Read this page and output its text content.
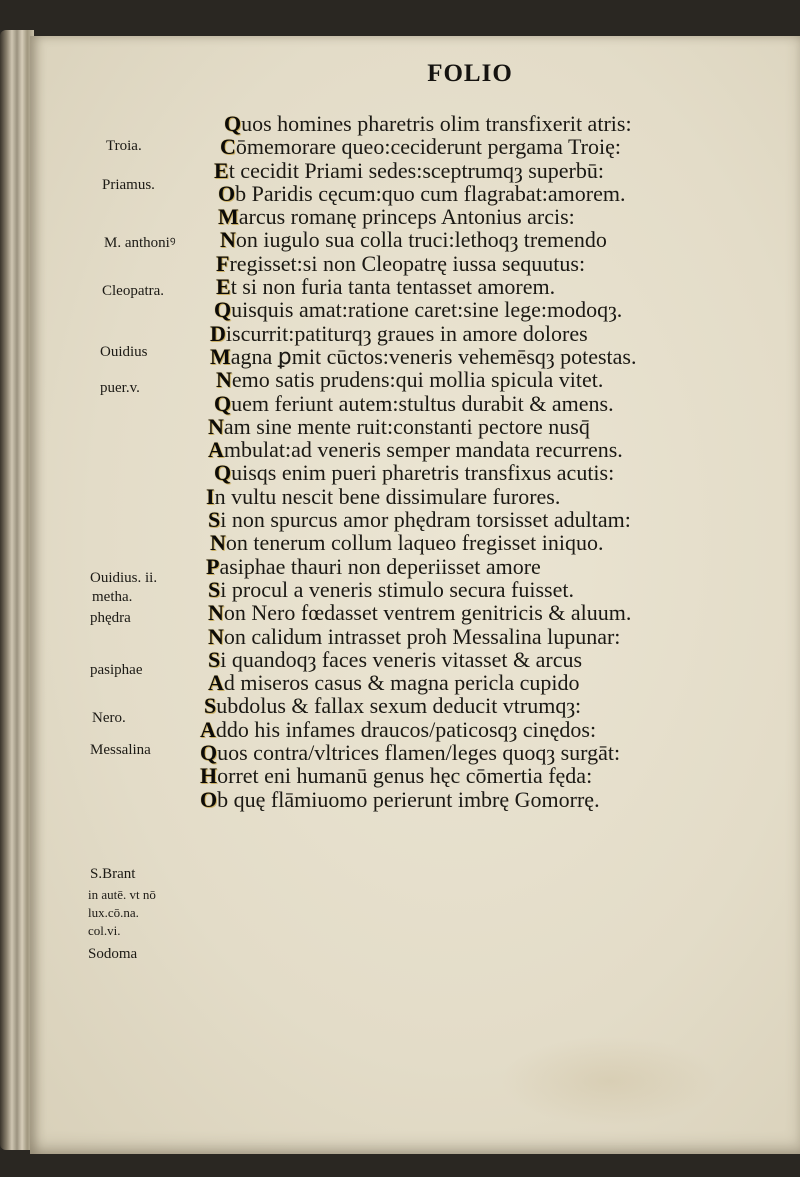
FOLIO
Troia.
Priamus.
M. anthoniꝰ
Cleopatra.
Ouidius
puer.v.
Ouidius. ii.
metha.
phędra
pasiphae
Nero.
Messalina
S.Brant
in autē. vt nō
lux.cō.na.
col.vi.
Sodoma
Quos homines pharetris olim transfixerit atris:
Cōmemorare queo:ceciderunt pergama Troię:
Et cecidit Priami sedes:sceptrumqȝ superbū:
Ob Paridis cęcum:quo cum flagrabat:amorem.
Marcus romanę princeps Antonius arcis:
Non iugulo sua colla truci:lethoqȝ tremendo
Fregisset:si non Cleopatrę iussa sequutus:
Et si non furia tanta tentasset amorem.
Quisquis amat:ratione caret:sine lege:modoqȝ.
Discurrit:patiturqȝ graues in amore dolores
Magna ꝑmit cūctos:veneris vehemēsqȝ potestas.
Nemo satis prudens:qui mollia spicula vitet.
Quem feriunt autem:stultus durabit & amens.
Nam sine mente ruit:constanti pectore nusq̄
Ambulat:ad veneris semper mandata recurrens.
Quisqs enim pueri pharetris transfixus acutis:
In vultu nescit bene dissimulare furores.
Si non spurcus amor phędram torsisset adultam:
Non tenerum collum laqueo fregisset iniquo.
Pasiphae thauri non deperiisset amore
Si procul a veneris stimulo secura fuisset.
Non Nero fœdasset ventrem genitricis & aluum.
Non calidum intrasset proh Messalina lupunar:
Si quandoqȝ faces veneris vitasset & arcus
Ad miseros casus & magna pericla cupido
Subdolus & fallax sexum deducit vtrumqȝ:
Addo his infames draucos/paticosqȝ cinędos:
Quos contra/vltrices flamen/leges quoqȝ surgāt:
Horret eni humanū genus hęc cōmertia fęda:
Ob quę flāmiuomo perierunt imbrę Gomorrę.
